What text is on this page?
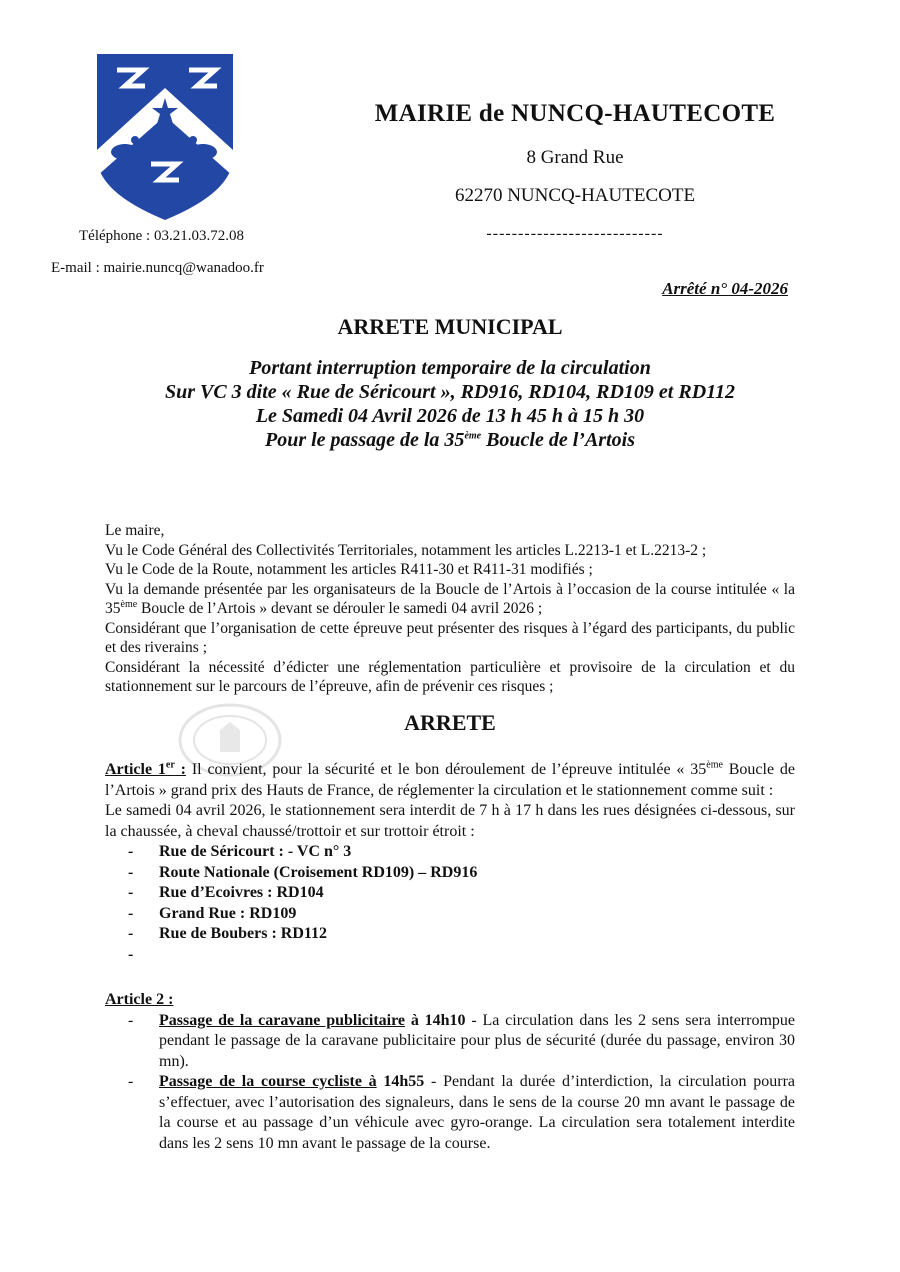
Téléphone : 03.21.03.72.08
E-mail : mairie.nuncq@wanadoo.fr
MAIRIE de NUNCQ-HAUTECOTE
8 Grand Rue
62270 NUNCQ-HAUTECOTE
----------------------------
Arrêté n° 04-2026
ARRETE MUNICIPAL
Portant interruption temporaire de la circulation
Sur VC 3 dite « Rue de Séricourt », RD916, RD104, RD109 et RD112
Le Samedi 04 Avril 2026 de 13 h 45 h à 15 h 30
Pour le passage de la 35ème Boucle de l’Artois

Le maire,

Vu le Code Général des Collectivités Territoriales, notamment les articles L.2213-1 et L.2213-2 ;

Vu le Code de la Route, notamment les articles R411-30 et R411-31 modifiés ;

Vu la demande présentée par les organisateurs de la Boucle de l’Artois à l’occasion de la course intitulée « la 35ème Boucle de l’Artois » devant se dérouler le samedi 04 avril 2026 ;

Considérant que l’organisation de cette épreuve peut présenter des risques à l’égard des participants, du public et des riverains ;

Considérant la nécessité d’édicter une réglementation particulière et provisoire de la circulation et du stationnement sur le parcours de l’épreuve, afin de prévenir ces risques ;

ARRETE

Article 1er : Il convient, pour la sécurité et le bon déroulement de l’épreuve intitulée « 35ème Boucle de l’Artois » grand prix des Hauts de France, de réglementer la circulation et le stationnement comme suit :

Le samedi 04 avril 2026, le stationnement sera interdit de 7 h à 17 h dans les rues désignées ci-dessous, sur la chaussée, à cheval chaussé/trottoir et sur trottoir étroit :

- Rue de Séricourt : - VC n° 3
- Route Nationale (Croisement RD109) – RD916
- Rue d’Ecoivres : RD104
- Grand Rue : RD109
- Rue de Boubers : RD112
-

Article 2 :

- Passage de la caravane publicitaire à 14h10 - La circulation dans les 2 sens sera interrompue pendant le passage de la caravane publicitaire pour plus de sécurité (durée du passage, environ 30 mn).
- Passage de la course cycliste à 14h55 - Pendant la durée d’interdiction, la circulation pourra s’effectuer, avec l’autorisation des signaleurs, dans le sens de la course 20 mn avant le passage de la course et au passage d’un véhicule avec gyro-orange. La circulation sera totalement interdite dans les 2 sens 10 mn avant le passage de la course.
